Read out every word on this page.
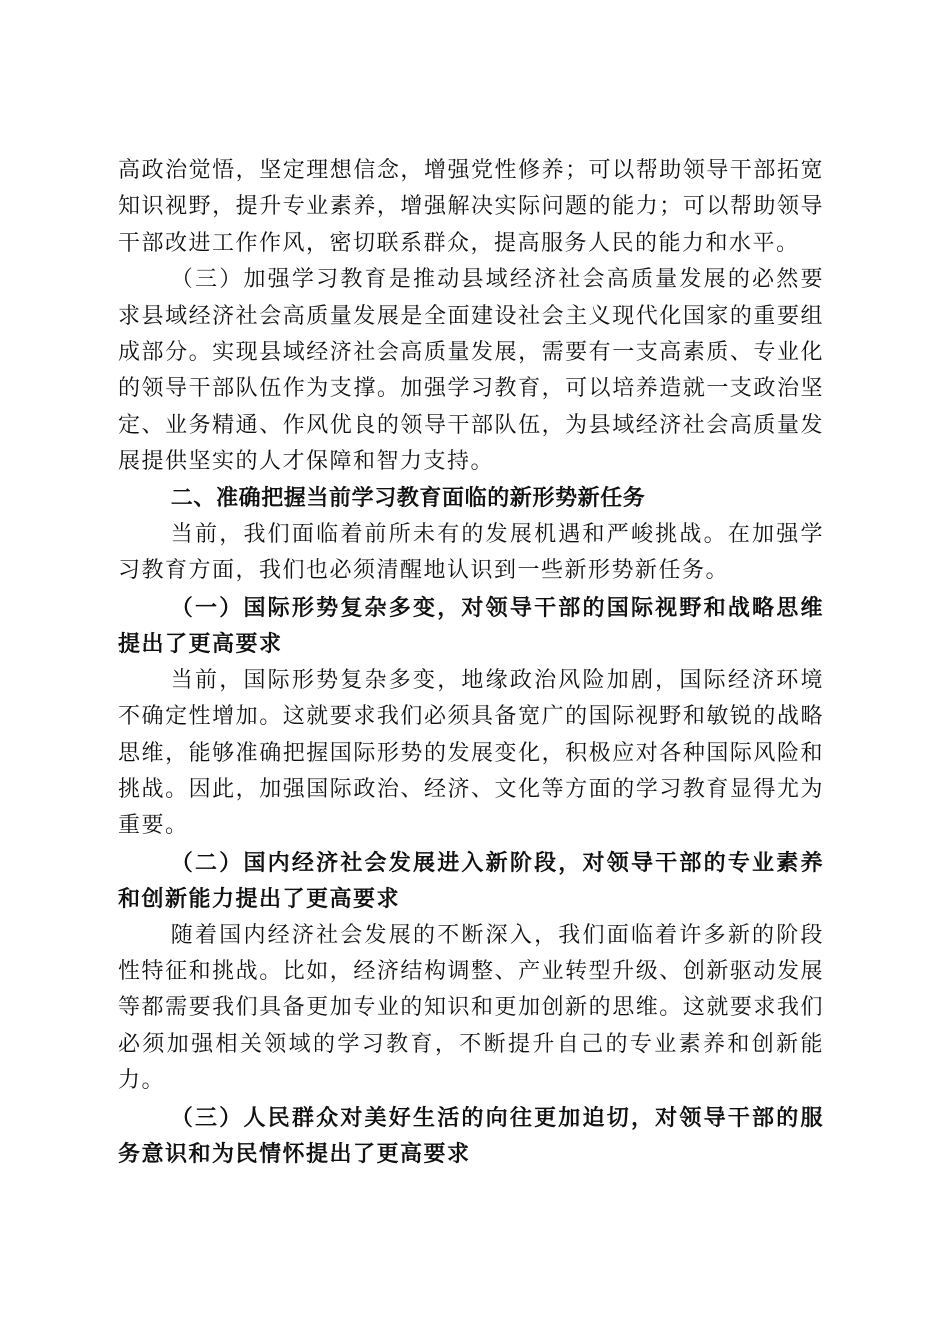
高政治觉悟，坚定理想信念，增强党性修养；可以帮助领导干部拓宽知识视野，提升专业素养，增强解决实际问题的能力；可以帮助领导干部改进工作作风，密切联系群众，提高服务人民的能力和水平。

（三）加强学习教育是推动县域经济社会高质量发展的必然要求县域经济社会高质量发展是全面建设社会主义现代化国家的重要组成部分。实现县域经济社会高质量发展，需要有一支高素质、专业化的领导干部队伍作为支撑。加强学习教育，可以培养造就一支政治坚定、业务精通、作风优良的领导干部队伍，为县域经济社会高质量发展提供坚实的人才保障和智力支持。

二、准确把握当前学习教育面临的新形势新任务

当前，我们面临着前所未有的发展机遇和严峻挑战。在加强学习教育方面，我们也必须清醒地认识到一些新形势新任务。

（一）国际形势复杂多变，对领导干部的国际视野和战略思维提出了更高要求

当前，国际形势复杂多变，地缘政治风险加剧，国际经济环境不确定性增加。这就要求我们必须具备宽广的国际视野和敏锐的战略思维，能够准确把握国际形势的发展变化，积极应对各种国际风险和挑战。因此，加强国际政治、经济、文化等方面的学习教育显得尤为重要。

（二）国内经济社会发展进入新阶段，对领导干部的专业素养和创新能力提出了更高要求

随着国内经济社会发展的不断深入，我们面临着许多新的阶段性特征和挑战。比如，经济结构调整、产业转型升级、创新驱动发展等都需要我们具备更加专业的知识和更加创新的思维。这就要求我们必须加强相关领域的学习教育，不断提升自己的专业素养和创新能力。

（三）人民群众对美好生活的向往更加迫切，对领导干部的服务意识和为民情怀提出了更高要求
